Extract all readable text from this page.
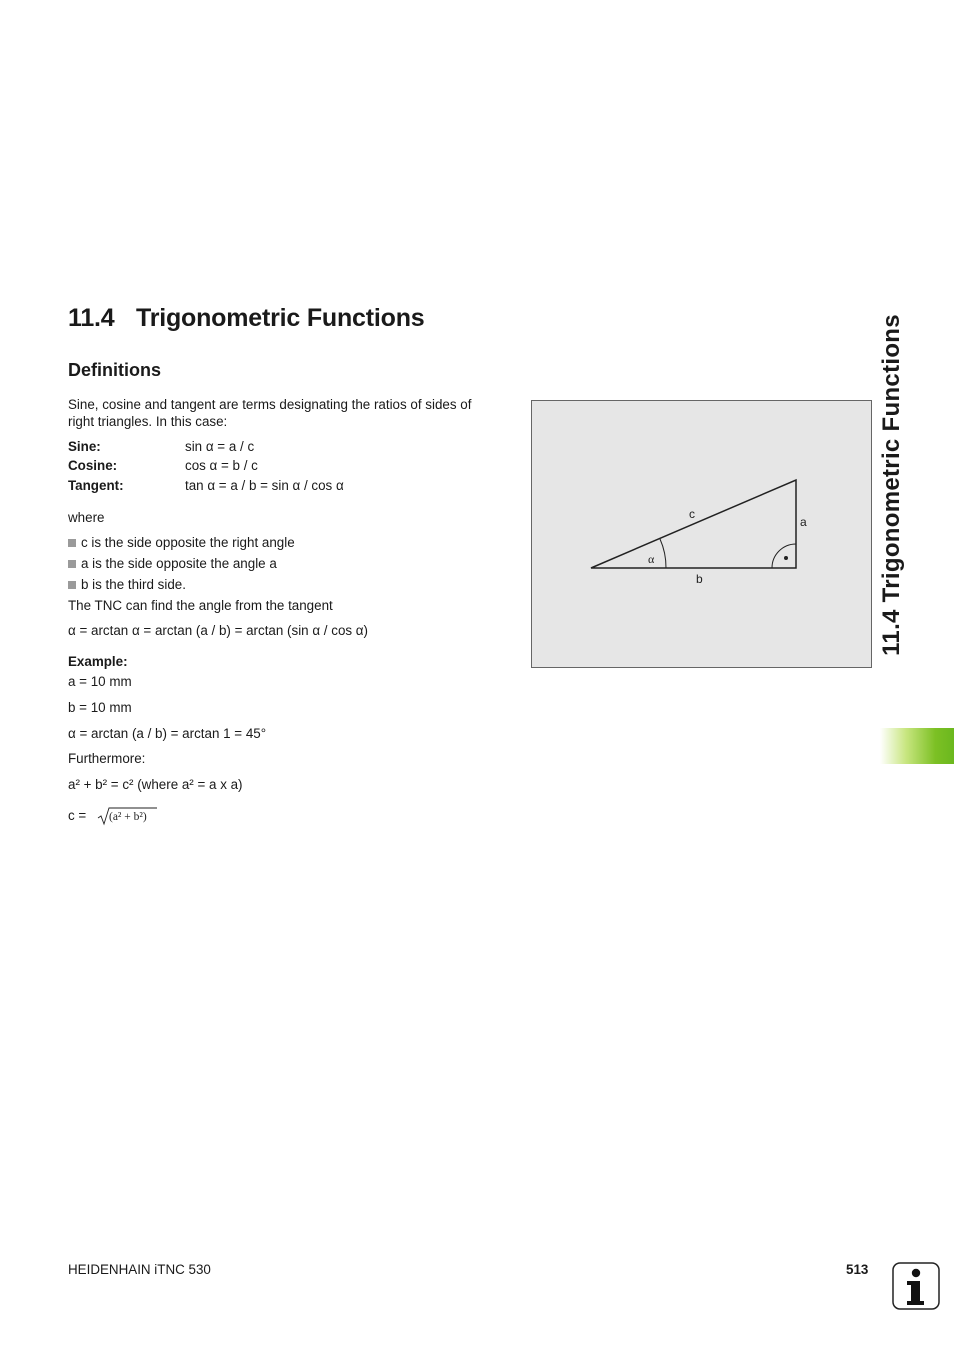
11.4 Trigonometric Functions
Definitions
Sine, cosine and tangent are terms designating the ratios of sides of
right triangles. In this case:
Sine:	sin α = a / c
Cosine:	cos α = b / c
Tangent:	tan α = a / b = sin α / cos α
where
c is the side opposite the right angle
a is the side opposite the angle a
b is the third side.
The TNC can find the angle from the tangent
α = arctan α = arctan (a / b) = arctan (sin α / cos α)
Example:
a = 10 mm
b = 10 mm
α = arctan (a / b) = arctan 1 = 45°
Furthermore:
a² + b² = c² (where a² = a x a)
c = (a² + b²)
c
a
b
α	11.4 Trigonometric Functions
HEIDENHAIN iTNC 530	513
